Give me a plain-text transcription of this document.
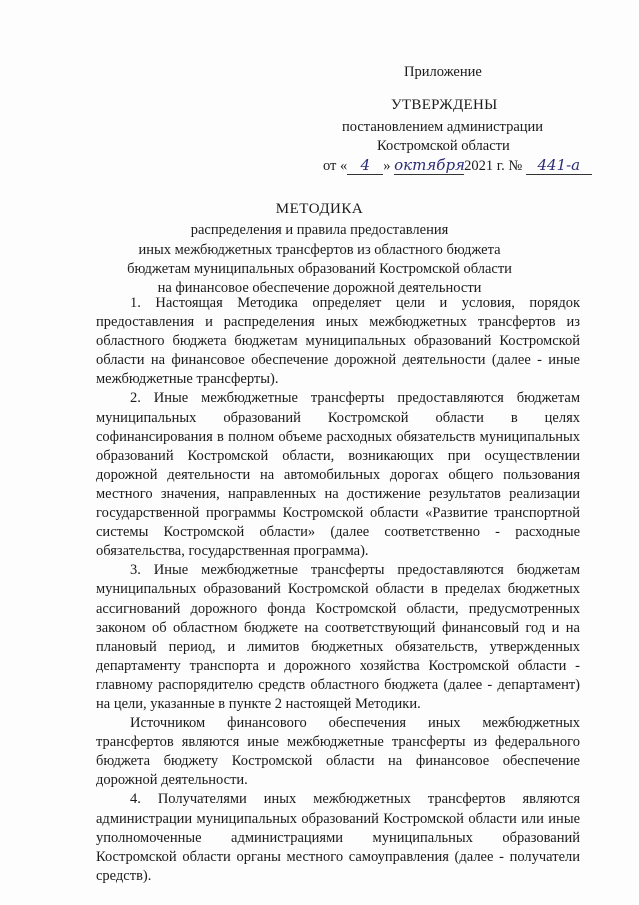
Приложение
УТВЕРЖДЕНЫ
постановлением администрации
Костромской области
от « 4 » октября2021 г. № 441-а
МЕТОДИКА
распределения и правила предоставления
иных межбюджетных трансфертов из областного бюджета
бюджетам муниципальных образований Костромской области
на финансовое обеспечение дорожной деятельности

1. Настоящая Методика определяет цели и условия, порядок предоставления и распределения иных межбюджетных трансфертов из областного бюджета бюджетам муниципальных образований Костромской области на финансовое обеспечение дорожной деятельности (далее - иные межбюджетные трансферты).

2. Иные межбюджетные трансферты предоставляются бюджетам муниципальных образований Костромской области в целях софинансирования в полном объеме расходных обязательств муниципальных образований Костромской области, возникающих при осуществлении дорожной деятельности на автомобильных дорогах общего пользования местного значения, направленных на достижение результатов реализации государственной программы Костромской области «Развитие транспортной системы Костромской области» (далее соответственно - расходные обязательства, государственная программа).

3. Иные межбюджетные трансферты предоставляются бюджетам муниципальных образований Костромской области в пределах бюджетных ассигнований дорожного фонда Костромской области, предусмотренных законом об областном бюджете на соответствующий финансовый год и на плановый период, и лимитов бюджетных обязательств, утвержденных департаменту транспорта и дорожного хозяйства Костромской области - главному распорядителю средств областного бюджета (далее - департамент) на цели, указанные в пункте 2 настоящей Методики.

Источником финансового обеспечения иных межбюджетных трансфертов являются иные межбюджетные трансферты из федерального бюджета бюджету Костромской области на финансовое обеспечение дорожной деятельности.

4. Получателями иных межбюджетных трансфертов являются администрации муниципальных образований Костромской области или иные уполномоченные администрациями муниципальных образований Костромской области органы местного самоуправления (далее - получатели средств).
